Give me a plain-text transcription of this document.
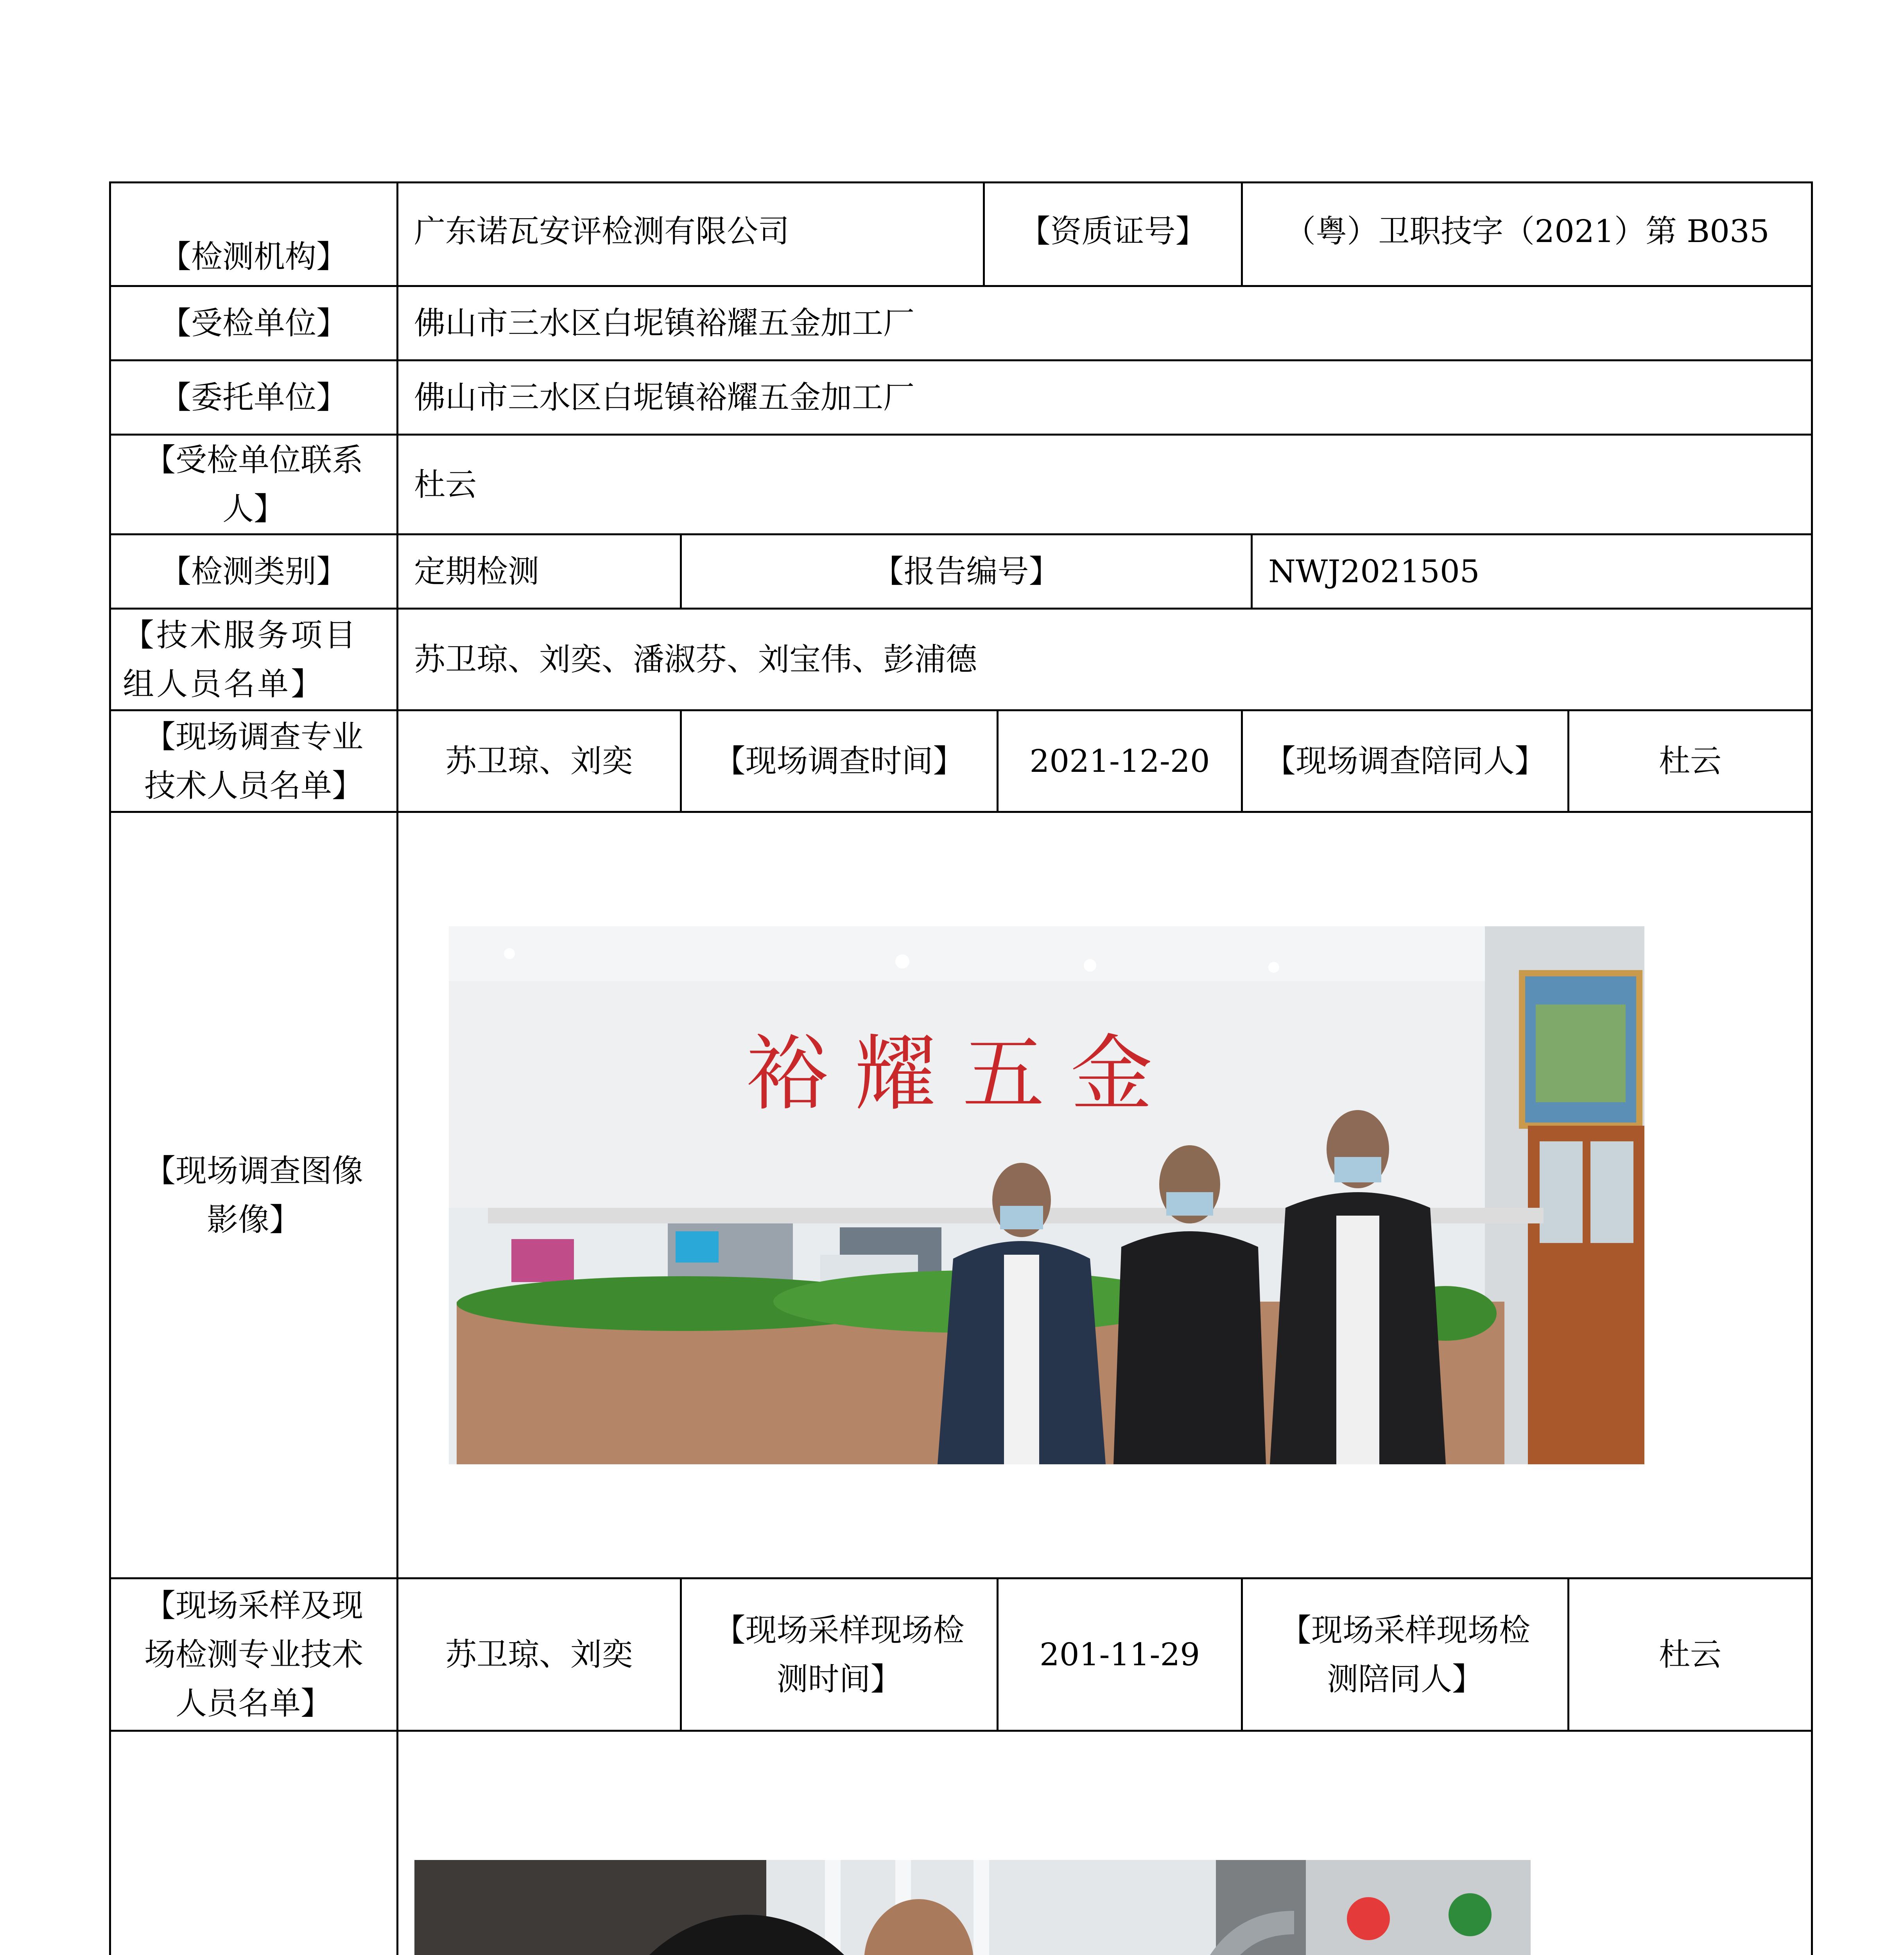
【检测机构】	广东诺瓦安评检测有限公司		【资质证号】		（粤）卫职技字（2021）第 B035		
【受检单位】	佛山市三水区白坭镇裕耀五金加工厂						
【委托单位】	佛山市三水区白坭镇裕耀五金加工厂						
【受检单位联系人】	杜云						
【检测类别】	定期检测	【报告编号】				NWJ2021505	
【技术服务项目组人员名单】	苏卫琼、刘奕、潘淑芬、刘宝伟、彭浦德						
【现场调查专业技术人员名单】	苏卫琼、刘奕	【现场调查时间】		2021-12-20	【现场调查陪同人】		杜云
【现场调查图像影像】	裕 耀 五 金						

【现场采样及现场检测专业技术人员名单】	苏卫琼、刘奕	【现场采样现场检测时间】		201-11-29	【现场采样现场检测陪同人】		杜云
